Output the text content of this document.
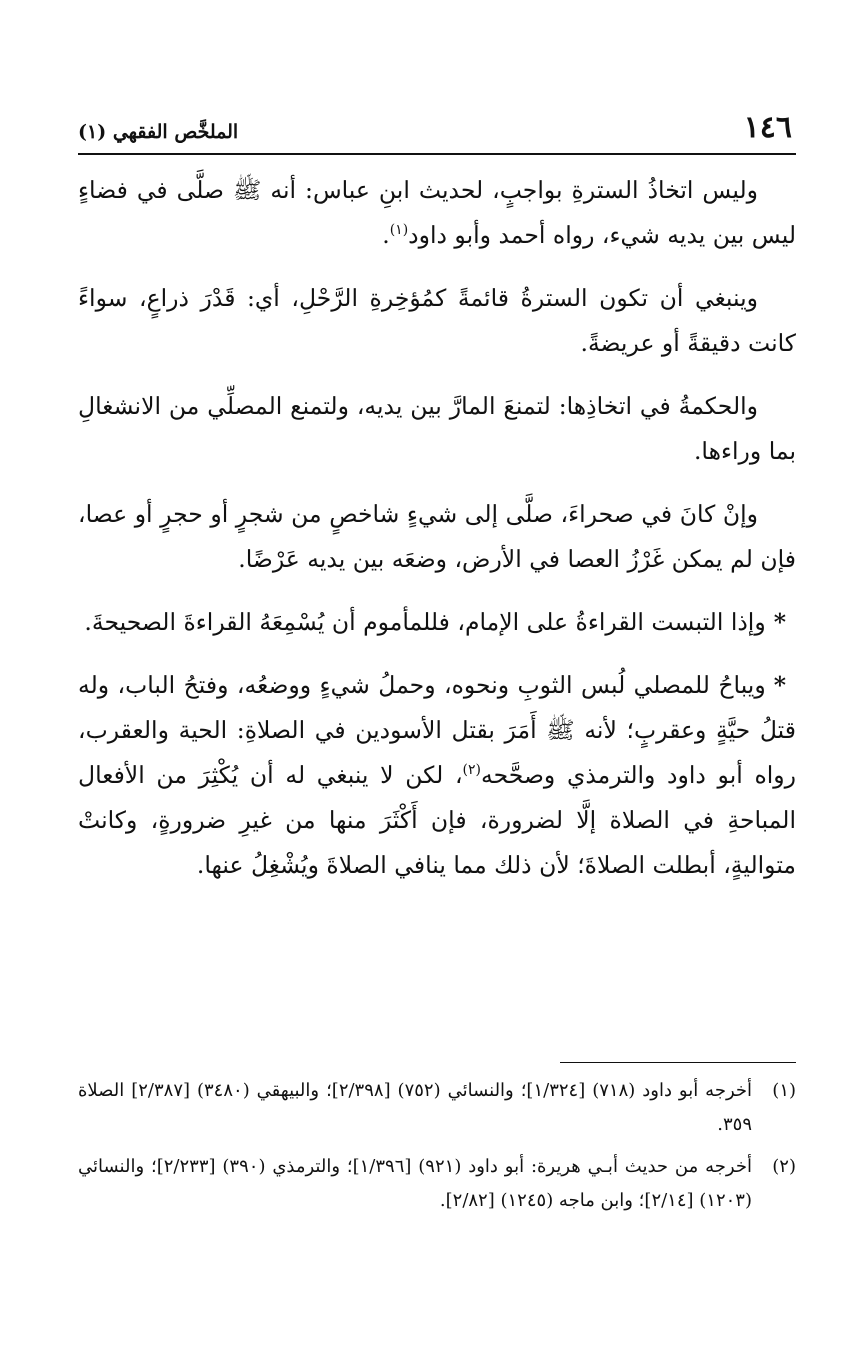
١٤٦
الملخَّص الفقهي (١)

وليس اتخاذُ السترةِ بواجبٍ، لحديث ابنِ عباس: أنه ﷺ صلَّى في فضاءٍ ليس بين يديه شيء، رواه أحمد وأبو داود$^{(١)}$.

وينبغي أن تكون السترةُ قائمةً كمُؤخِرةِ الرَّحْلِ، أي: قَدْرَ ذراعٍ، سواءً كانت دقيقةً أو عريضةً.

والحكمةُ في اتخاذِها: لتمنعَ المارَّ بين يديه، ولتمنع المصلِّي من الانشغالِ بما وراءها.

وإنْ كانَ في صحراءَ، صلَّى إلى شيءٍ شاخصٍ من شجرٍ أو حجرٍ أو عصا، فإن لم يمكن غَرْزُ العصا في الأرض، وضعَه بين يديه عَرْضًا.

*وإذا التبست القراءةُ على الإمام، فللمأموم أن يُسْمِعَهُ القراءةَ الصحيحةَ.

*ويباحُ للمصلي لُبس الثوبِ ونحوه، وحملُ شيءٍ ووضعُه، وفتحُ الباب، وله قتلُ حيَّةٍ وعقربٍ؛ لأنه ﷺ أَمَرَ بقتل الأسودين في الصلاةِ: الحية والعقرب، رواه أبو داود والترمذي وصحَّحه$^{(٢)}$، لكن لا ينبغي له أن يُكْثِرَ من الأفعال المباحةِ في الصلاة إلَّا لضرورة، فإن أَكْثَرَ منها من غيرِ ضرورةٍ، وكانتْ متواليةٍ، أبطلت الصلاةَ؛ لأن ذلك مما ينافي الصلاةَ ويُشْغِلُ عنها.

(١)أخرجه أبو داود (٧١٨) [١/٣٢٤]؛ والنسائي (٧٥٢) [٢/٣٩٨]؛ والبيهقي (٣٤٨٠) [٢/٣٨٧] الصلاة ٣٥٩.

(٢)أخرجه من حديث أبـي هريرة: أبو داود (٩٢١) [١/٣٩٦]؛ والترمذي (٣٩٠) [٢/٢٣٣]؛ والنسائي (١٢٠٣) [٢/١٤]؛ وابن ماجه (١٢٤٥) [٢/٨٢].
